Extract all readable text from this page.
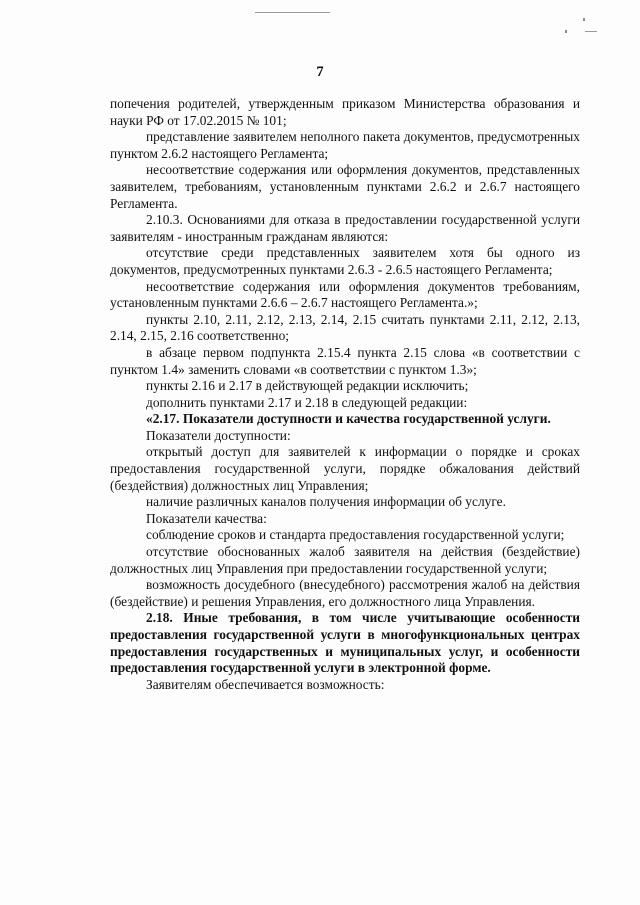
7

попечения родителей, утвержденным приказом Министерства образования и науки РФ от 17.02.2015 № 101;

представление заявителем неполного пакета документов, предусмотренных пунктом 2.6.2 настоящего Регламента;

несоответствие содержания или оформления документов, представленных заявителем, требованиям, установленным пунктами 2.6.2 и 2.6.7 настоящего Регламента.

2.10.3. Основаниями для отказа в предоставлении государственной услуги заявителям - иностранным гражданам являются:

отсутствие среди представленных заявителем хотя бы одного из документов, предусмотренных пунктами 2.6.3 - 2.6.5 настоящего Регламента;

несоответствие содержания или оформления документов требованиям, установленным пунктами 2.6.6 – 2.6.7 настоящего Регламента.»;

пункты 2.10, 2.11, 2.12, 2.13, 2.14, 2.15 считать пунктами 2.11, 2.12, 2.13, 2.14, 2.15, 2.16 соответственно;

в абзаце первом подпункта 2.15.4 пункта 2.15 слова «в соответствии с пунктом 1.4» заменить словами «в соответствии с пунктом 1.3»;

пункты 2.16 и 2.17 в действующей редакции исключить;

дополнить пунктами 2.17 и 2.18 в следующей редакции:

«2.17. Показатели доступности и качества государственной услуги.

Показатели доступности:

открытый доступ для заявителей к информации о порядке и сроках предоставления государственной услуги, порядке обжалования действий (бездействия) должностных лиц Управления;

наличие различных каналов получения информации об услуге.

Показатели качества:

соблюдение сроков и стандарта предоставления государственной услуги;

отсутствие обоснованных жалоб заявителя на действия (бездействие) должностных лиц Управления при предоставлении государственной услуги;

возможность досудебного (внесудебного) рассмотрения жалоб на действия (бездействие) и решения Управления, его должностного лица Управления.

2.18. Иные требования, в том числе учитывающие особенности предоставления государственной услуги в многофункциональных центрах предоставления государственных и муниципальных услуг, и особенности предоставления государственной услуги в электронной форме.

Заявителям обеспечивается возможность:
